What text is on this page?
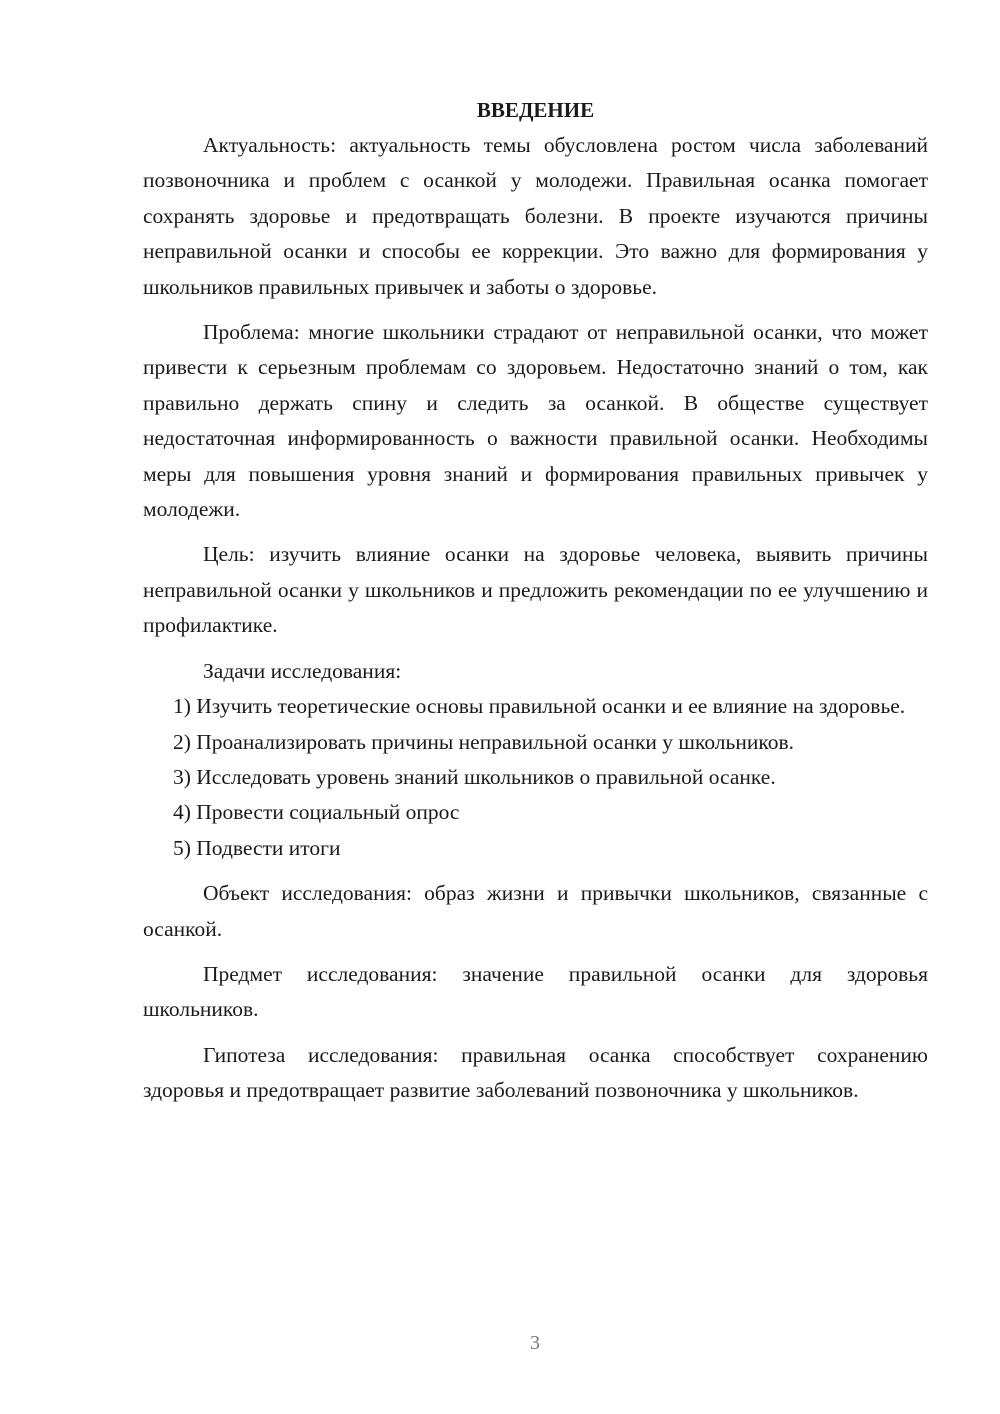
ВВЕДЕНИЕ

Актуальность: актуальность темы обусловлена ростом числа заболеваний позвоночника и проблем с осанкой у молодежи. Правильная осанка помогает сохранять здоровье и предотвращать болезни. В проекте изучаются причины неправильной осанки и способы ее коррекции. Это важно для формирования у школьников правильных привычек и заботы о здоровье.

Проблема: многие школьники страдают от неправильной осанки, что может привести к серьезным проблемам со здоровьем. Недостаточно знаний о том, как правильно держать спину и следить за осанкой. В обществе существует недостаточная информированность о важности правильной осанки. Необходимы меры для повышения уровня знаний и формирования правильных привычек у молодежи.

Цель: изучить влияние осанки на здоровье человека, выявить причины неправильной осанки у школьников и предложить рекомендации по ее улучшению и профилактике.

Задачи исследования:

1) Изучить теоретические основы правильной осанки и ее влияние на здоровье.

2) Проанализировать причины неправильной осанки у школьников.

3) Исследовать уровень знаний школьников о правильной осанке.

4) Провести социальный опрос

5) Подвести итоги

Объект исследования: образ жизни и привычки школьников, связанные с осанкой.

Предмет исследования: значение правильной осанки для здоровья школьников.

Гипотеза исследования: правильная осанка способствует сохранению здоровья и предотвращает развитие заболеваний позвоночника у школьников.

3
